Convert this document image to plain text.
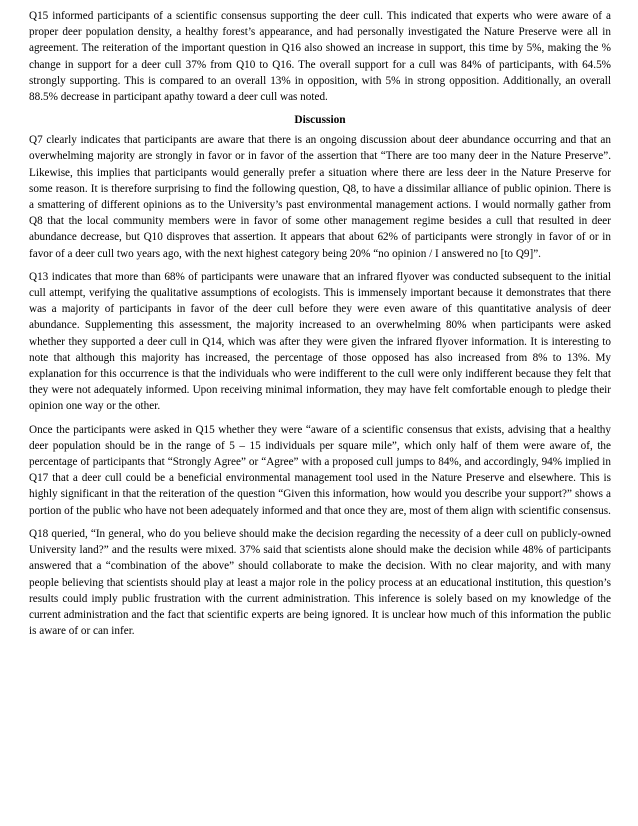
Q15 informed participants of a scientific consensus supporting the deer cull. This indicated that experts who were aware of a proper deer population density, a healthy forest’s appearance, and had personally investigated the Nature Preserve were all in agreement. The reiteration of the important question in Q16 also showed an increase in support, this time by 5%, making the % change in support for a deer cull 37% from Q10 to Q16. The overall support for a cull was 84% of participants, with 64.5% strongly supporting. This is compared to an overall 13% in opposition, with 5% in strong opposition. Additionally, an overall 88.5% decrease in participant apathy toward a deer cull was noted.

Discussion

Q7 clearly indicates that participants are aware that there is an ongoing discussion about deer abundance occurring and that an overwhelming majority are strongly in favor or in favor of the assertion that “There are too many deer in the Nature Preserve”. Likewise, this implies that participants would generally prefer a situation where there are less deer in the Nature Preserve for some reason. It is therefore surprising to find the following question, Q8, to have a dissimilar alliance of public opinion. There is a smattering of different opinions as to the University’s past environmental management actions. I would normally gather from Q8 that the local community members were in favor of some other management regime besides a cull that resulted in deer abundance decrease, but Q10 disproves that assertion. It appears that about 62% of participants were strongly in favor of or in favor of a deer cull two years ago, with the next highest category being 20% “no opinion / I answered no [to Q9]”.

Q13 indicates that more than 68% of participants were unaware that an infrared flyover was conducted subsequent to the initial cull attempt, verifying the qualitative assumptions of ecologists. This is immensely important because it demonstrates that there was a majority of participants in favor of the deer cull before they were even aware of this quantitative analysis of deer abundance. Supplementing this assessment, the majority increased to an overwhelming 80% when participants were asked whether they supported a deer cull in Q14, which was after they were given the infrared flyover information. It is interesting to note that although this majority has increased, the percentage of those opposed has also increased from 8% to 13%. My explanation for this occurrence is that the individuals who were indifferent to the cull were only indifferent because they felt that they were not adequately informed. Upon receiving minimal information, they may have felt comfortable enough to pledge their opinion one way or the other.

Once the participants were asked in Q15 whether they were “aware of a scientific consensus that exists, advising that a healthy deer population should be in the range of 5 – 15 individuals per square mile”, which only half of them were aware of, the percentage of participants that “Strongly Agree” or “Agree” with a proposed cull jumps to 84%, and accordingly, 94% implied in Q17 that a deer cull could be a beneficial environmental management tool used in the Nature Preserve and elsewhere. This is highly significant in that the reiteration of the question “Given this information, how would you describe your support?” shows a portion of the public who have not been adequately informed and that once they are, most of them align with scientific consensus.

Q18 queried, “In general, who do you believe should make the decision regarding the necessity of a deer cull on publicly-owned University land?” and the results were mixed. 37% said that scientists alone should make the decision while 48% of participants answered that a “combination of the above” should collaborate to make the decision. With no clear majority, and with many people believing that scientists should play at least a major role in the policy process at an educational institution, this question’s results could imply public frustration with the current administration. This inference is solely based on my knowledge of the current administration and the fact that scientific experts are being ignored. It is unclear how much of this information the public is aware of or can infer.
